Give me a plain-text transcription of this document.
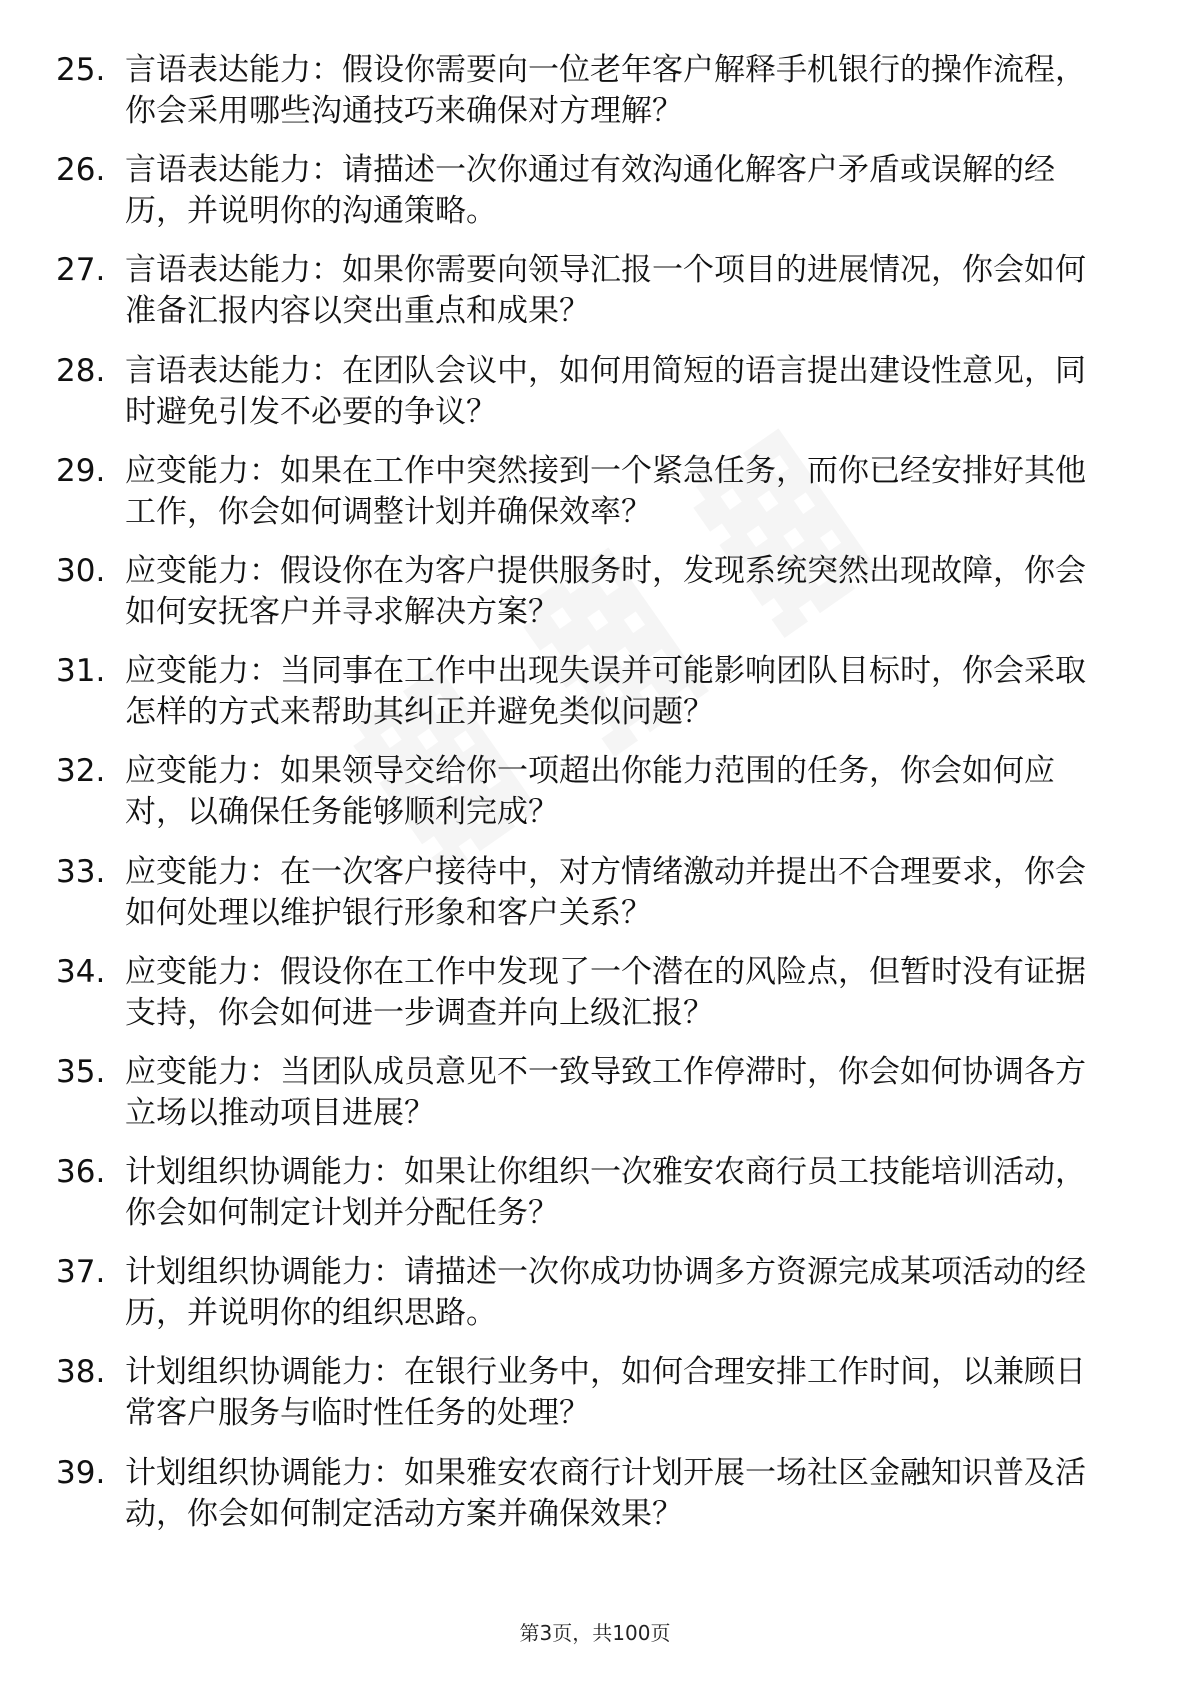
25. 言语表达能力：假设你需要向一位老年客户解释手机银行的操作流程，你会采用哪些沟通技巧来确保对方理解？
26. 言语表达能力：请描述一次你通过有效沟通化解客户矛盾或误解的经历，并说明你的沟通策略。
27. 言语表达能力：如果你需要向领导汇报一个项目的进展情况，你会如何准备汇报内容以突出重点和成果？
28. 言语表达能力：在团队会议中，如何用简短的语言提出建设性意见，同时避免引发不必要的争议？
29. 应变能力：如果在工作中突然接到一个紧急任务，而你已经安排好其他工作，你会如何调整计划并确保效率？
30. 应变能力：假设你在为客户提供服务时，发现系统突然出现故障，你会如何安抚客户并寻求解决方案？
31. 应变能力：当同事在工作中出现失误并可能影响团队目标时，你会采取怎样的方式来帮助其纠正并避免类似问题？
32. 应变能力：如果领导交给你一项超出你能力范围的任务，你会如何应对，以确保任务能够顺利完成？
33. 应变能力：在一次客户接待中，对方情绪激动并提出不合理要求，你会如何处理以维护银行形象和客户关系？
34. 应变能力：假设你在工作中发现了一个潜在的风险点，但暂时没有证据支持，你会如何进一步调查并向上级汇报？
35. 应变能力：当团队成员意见不一致导致工作停滞时，你会如何协调各方立场以推动项目进展？
36. 计划组织协调能力：如果让你组织一次雅安农商行员工技能培训活动，你会如何制定计划并分配任务？
37. 计划组织协调能力：请描述一次你成功协调多方资源完成某项活动的经历，并说明你的组织思路。
38. 计划组织协调能力：在银行业务中，如何合理安排工作时间，以兼顾日常客户服务与临时性任务的处理？
39. 计划组织协调能力：如果雅安农商行计划开展一场社区金融知识普及活动，你会如何制定活动方案并确保效果？
第3页，共100页
